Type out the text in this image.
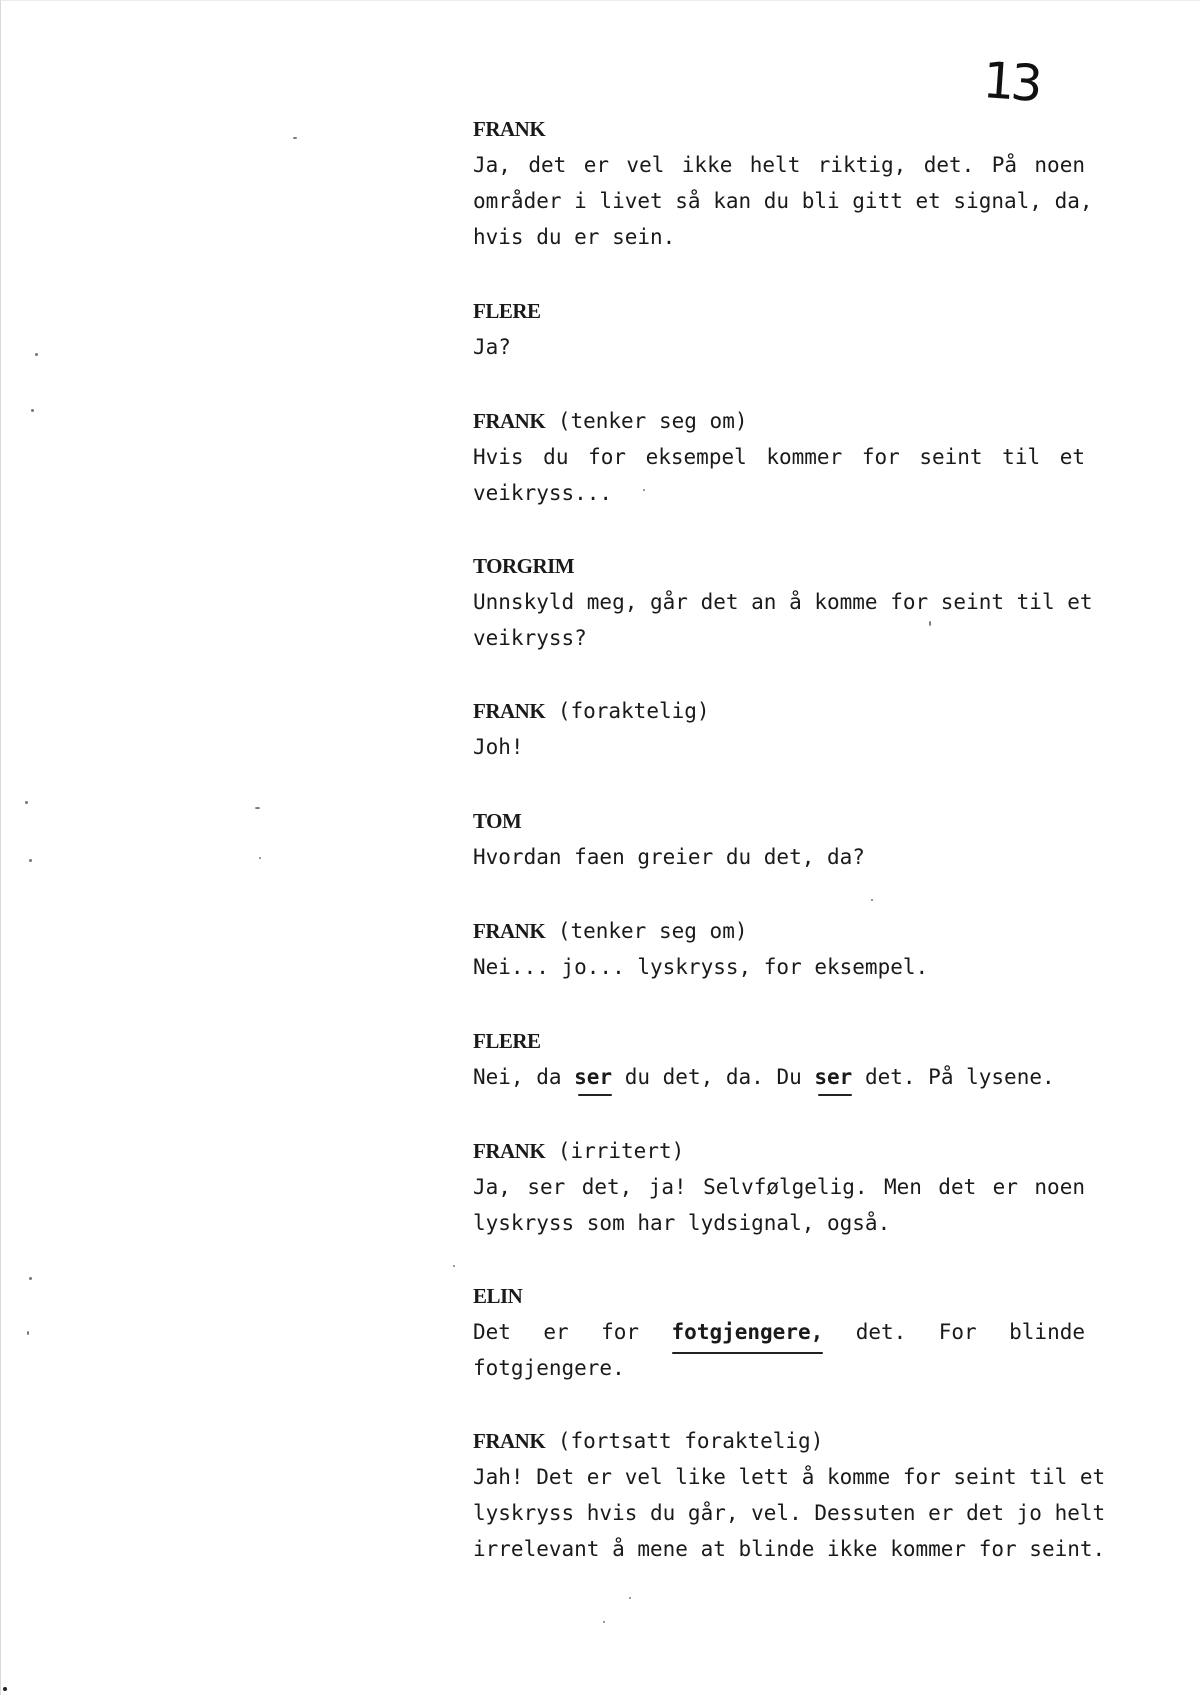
13
FRANK
Ja, det er vel ikke helt riktig, det. På noen
områder i livet så kan du bli gitt et signal, da,
hvis du er sein.
FLERE
Ja?
FRANK (tenker seg om)
Hvis du for eksempel kommer for seint til et
veikryss...
TORGRIM
Unnskyld meg, går det an å komme for seint til et
veikryss?
FRANK (foraktelig)
Joh!
TOM
Hvordan faen greier du det, da?
FRANK (tenker seg om)
Nei... jo... lyskryss, for eksempel.
FLERE
Nei, da ser du det, da. Du ser det. På lysene.
FRANK (irritert)
Ja, ser det, ja! Selvfølgelig. Men det er noen
lyskryss som har lydsignal, også.
ELIN
Det er for fotgjengere, det. For blinde
fotgjengere.
FRANK (fortsatt foraktelig)
Jah! Det er vel like lett å komme for seint til et
lyskryss hvis du går, vel. Dessuten er det jo helt
irrelevant å mene at blinde ikke kommer for seint.
